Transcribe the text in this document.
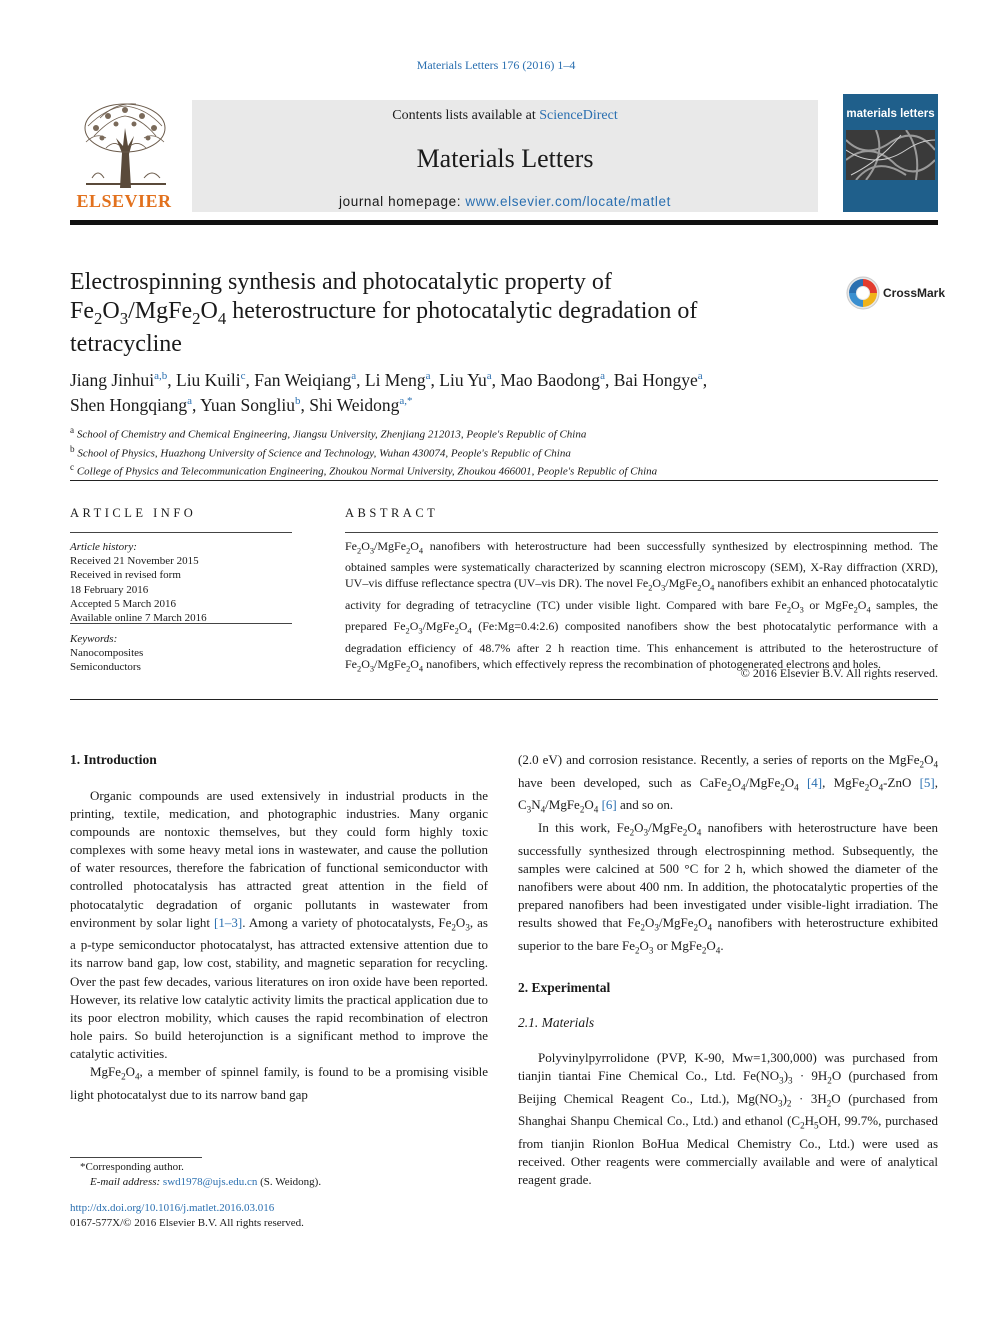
Materials Letters 176 (2016) 1–4
ELSEVIER
Contents lists available at ScienceDirect
Materials Letters
journal homepage: www.elsevier.com/locate/matlet
materials letters
Electrospinning synthesis and photocatalytic property of
$Fe_2O_3/MgFe_2O_4$ heterostructure for photocatalytic degradation of
tetracycline
CrossMark
Jiang Jinhui$^{a,b}$, Liu Kuili$^c$, Fan Weiqiang$^a$, Li Meng$^a$, Liu Yu$^a$, Mao Baodong$^a$, Bai Hongye$^a$,
Shen Hongqiang$^a$, Yuan Songliu$^b$, Shi Weidong$^{a,*}$
$^a$ School of Chemistry and Chemical Engineering, Jiangsu University, Zhenjiang 212013, People's Republic of China
$^b$ School of Physics, Huazhong University of Science and Technology, Wuhan 430074, People's Republic of China
$^c$ College of Physics and Telecommunication Engineering, Zhoukou Normal University, Zhoukou 466001, People's Republic of China
ARTICLE INFO	ABSTRACT
Article history:
Received 21 November 2015
Received in revised form
18 February 2016
Accepted 5 March 2016
Available online 7 March 2016
Keywords:
Nanocomposites
Semiconductors
$Fe_2O_3/MgFe_2O_4$ nanofibers with heterostructure had been successfully synthesized by electrospinning method. The obtained samples were systematically characterized by scanning electron microscopy (SEM), X-Ray diffraction (XRD), UV–vis diffuse reflectance spectra (UV–vis DR). The novel $Fe_2O_3/MgFe_2O_4$ nanofibers exhibit an enhanced photocatalytic activity for degrading of tetracycline (TC) under visible light. Compared with bare $Fe_2O_3$ or $MgFe_2O_4$ samples, the prepared $Fe_2O_3/MgFe_2O_4$ (Fe:Mg=0.4:2.6) composited nanofibers show the best photocatalytic performance with a degradation efficiency of 48.7% after 2 h reaction time. This enhancement is attributed to the heterostructure of $Fe_2O_3/MgFe_2O_4$ nanofibers, which effectively repress the recombination of photogenerated electrons and holes.
© 2016 Elsevier B.V. All rights reserved.
1. Introduction

Organic compounds are used extensively in industrial products in the printing, textile, medication, and photographic industries. Many organic compounds are nontoxic themselves, but they could form highly toxic complexes with some heavy metal ions in wastewater, and cause the pollution of water resources, therefore the fabrication of functional semiconductor with controlled photocatalysis has attracted great attention in the field of photocatalytic degradation of organic pollutants in wastewater from environment by solar light [1–3]. Among a variety of photocatalysts, $Fe_2O_3$, as a p-type semiconductor photocatalyst, has attracted extensive attention due to its narrow band gap, low cost, stability, and magnetic separation for recycling. Over the past few decades, various literatures on iron oxide have been reported. However, its relative low catalytic activity limits the practical application due to its poor electron mobility, which causes the rapid recombination of electron hole pairs. So build heterojunction is a significant method to improve the catalytic activities.

$MgFe_2O_4$, a member of spinnel family, is found to be a promising visible light photocatalyst due to its narrow band gap

(2.0 eV) and corrosion resistance. Recently, a series of reports on the $MgFe_2O_4$ have been developed, such as $CaFe_2O_4/MgFe_2O_4$ [4], $MgFe_2O_4$-ZnO [5], $C_3N_4/MgFe_2O_4$ [6] and so on.

In this work, $Fe_2O_3/MgFe_2O_4$ nanofibers with heterostructure have been successfully synthesized through electrospinning method. Subsequently, the samples were calcined at 500 °C for 2 h, which showed the diameter of the nanofibers were about 400 nm. In addition, the photocatalytic properties of the prepared nanofibers had been investigated under visible-light irradiation. The results showed that $Fe_2O_3/MgFe_2O_4$ nanofibers with heterostructure exhibited superior to the bare $Fe_2O_3$ or $MgFe_2O_4$.

2. Experimental
2.1. Materials

Polyvinylpyrrolidone (PVP, K-90, Mw=1,300,000) was purchased from tianjin tiantai Fine Chemical Co., Ltd. $Fe(NO_3)_3 \cdot 9H_2O$ (purchased from Beijing Chemical Reagent Co., Ltd.), $Mg(NO_3)_2 \cdot 3H_2O$ (purchased from Shanghai Shanpu Chemical Co., Ltd.) and ethanol ($C_2H_5OH$, 99.7%, purchased from tianjin Rionlon BoHua Medical Chemistry Co., Ltd.) were used as received. Other reagents were commercially available and were of analytical reagent grade.

*Corresponding author.
E-mail address: swd1978@ujs.edu.cn (S. Weidong).
http://dx.doi.org/10.1016/j.matlet.2016.03.016
0167-577X/© 2016 Elsevier B.V. All rights reserved.
